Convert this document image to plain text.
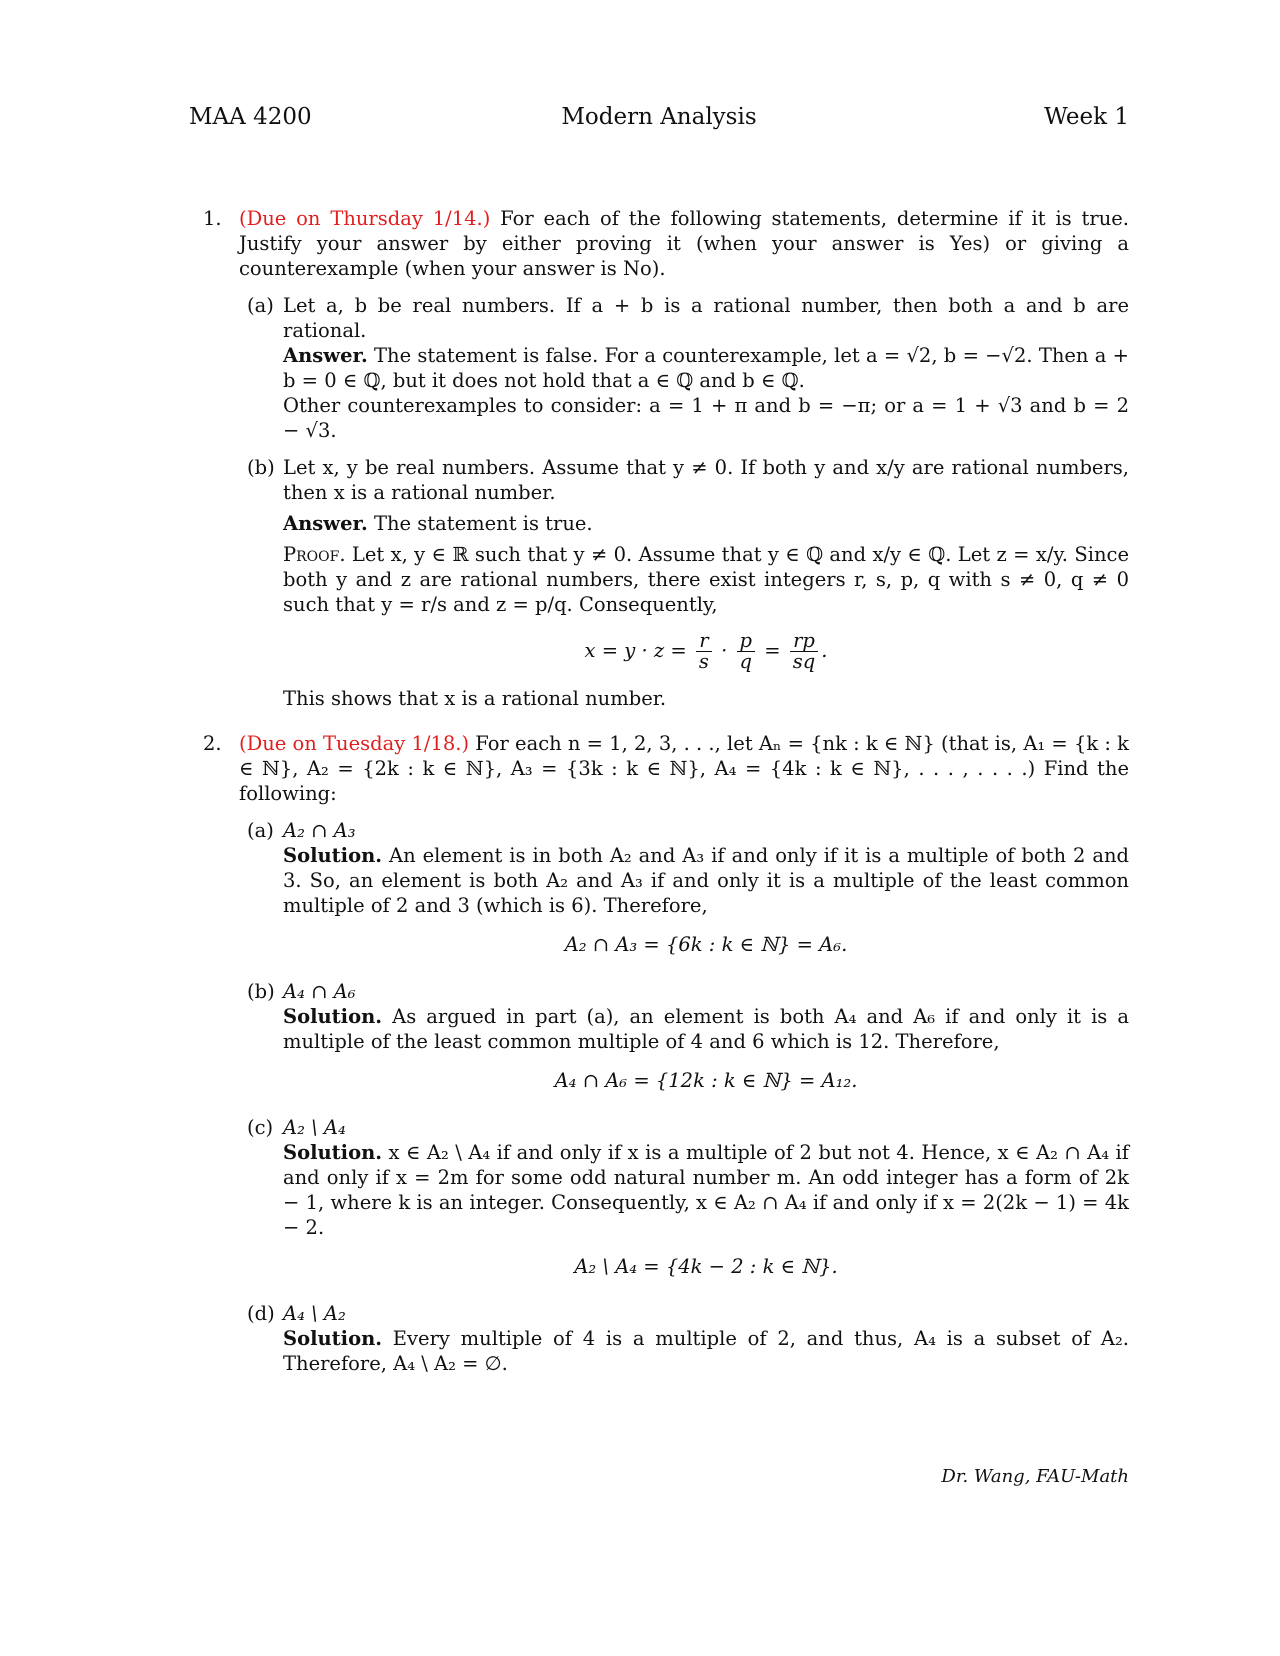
MAA 4200	Modern Analysis	Week 1
1. (Due on Thursday 1/14.) For each of the following statements, determine if it is true. Justify your answer by either proving it (when your answer is Yes) or giving a counterexample (when your answer is No).
(a) Let a, b be real numbers. If a + b is a rational number, then both a and b are rational.
Answer. The statement is false. For a counterexample, let a = √2, b = −√2. Then a + b = 0 ∈ ℚ, but it does not hold that a ∈ ℚ and b ∈ ℚ.
Other counterexamples to consider: a = 1 + π and b = −π; or a = 1 + √3 and b = 2 − √3.
(b) Let x, y be real numbers. Assume that y ≠ 0. If both y and x/y are rational numbers, then x is a rational number.
Answer. The statement is true.
Proof. Let x, y ∈ ℝ such that y ≠ 0. Assume that y ∈ ℚ and x/y ∈ ℚ. Let z = x/y. Since both y and z are rational numbers, there exist integers r, s, p, q with s ≠ 0, q ≠ 0 such that y = r/s and z = p/q. Consequently,
$x = y \cdot z = \frac{r}{s} \cdot \frac{p}{q} = \frac{rp}{sq}$ .
This shows that x is a rational number.
2. (Due on Tuesday 1/18.) For each n = 1, 2, 3, . . ., let Aₙ = {nk : k ∈ ℕ} (that is, A₁ = {k : k ∈ ℕ}, A₂ = {2k : k ∈ ℕ}, A₃ = {3k : k ∈ ℕ}, A₄ = {4k : k ∈ ℕ}, . . . , . . . .) Find the following:
(a) A₂ ∩ A₃
Solution. An element is in both A₂ and A₃ if and only if it is a multiple of both 2 and 3. So, an element is both A₂ and A₃ if and only it is a multiple of the least common multiple of 2 and 3 (which is 6). Therefore,
A₂ ∩ A₃ = {6k : k ∈ ℕ} = A₆.
(b) A₄ ∩ A₆
Solution. As argued in part (a), an element is both A₄ and A₆ if and only it is a multiple of the least common multiple of 4 and 6 which is 12. Therefore,
A₄ ∩ A₆ = {12k : k ∈ ℕ} = A₁₂.
(c) A₂ \ A₄
Solution. x ∈ A₂ \ A₄ if and only if x is a multiple of 2 but not 4. Hence, x ∈ A₂ ∩ A₄ if and only if x = 2m for some odd natural number m. An odd integer has a form of 2k − 1, where k is an integer. Consequently, x ∈ A₂ ∩ A₄ if and only if x = 2(2k − 1) = 4k − 2.
A₂ \ A₄ = {4k − 2 : k ∈ ℕ}.
(d) A₄ \ A₂
Solution. Every multiple of 4 is a multiple of 2, and thus, A₄ is a subset of A₂. Therefore, A₄ \ A₂ = ∅.
Dr. Wang, FAU-Math
